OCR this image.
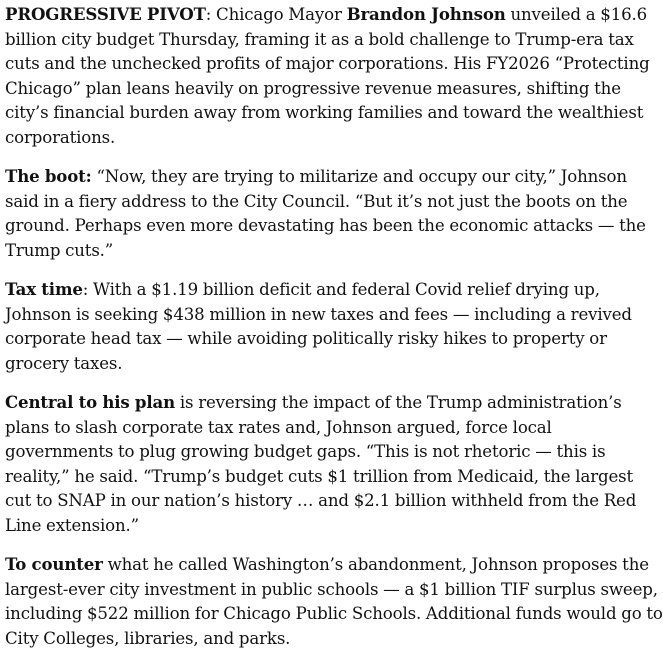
PROGRESSIVE PIVOT: Chicago Mayor Brandon Johnson unveiled a $16.6 billion city budget Thursday, framing it as a bold challenge to Trump-era tax cuts and the unchecked profits of major corporations. His FY2026 “Protecting Chicago” plan leans heavily on progressive revenue measures, shifting the city’s financial burden away from working families and toward the wealthiest corporations.

The boot: “Now, they are trying to militarize and occupy our city,” Johnson said in a fiery address to the City Council. “But it’s not just the boots on the ground. Perhaps even more devastating has been the economic attacks — the Trump cuts.”

Tax time: With a $1.19 billion deficit and federal Covid relief drying up, Johnson is seeking $438 million in new taxes and fees — including a revived corporate head tax — while avoiding politically risky hikes to property or grocery taxes.

Central to his plan is reversing the impact of the Trump administration’s plans to slash corporate tax rates and, Johnson argued, force local governments to plug growing budget gaps. “This is not rhetoric — this is reality,” he said. “Trump’s budget cuts $1 trillion from Medicaid, the largest cut to SNAP in our nation’s history … and $2.1 billion withheld from the Red Line extension.”

To counter what he called Washington’s abandonment, Johnson proposes the largest-ever city investment in public schools — a $1 billion TIF surplus sweep, including $522 million for Chicago Public Schools. Additional funds would go to City Colleges, libraries, and parks.
